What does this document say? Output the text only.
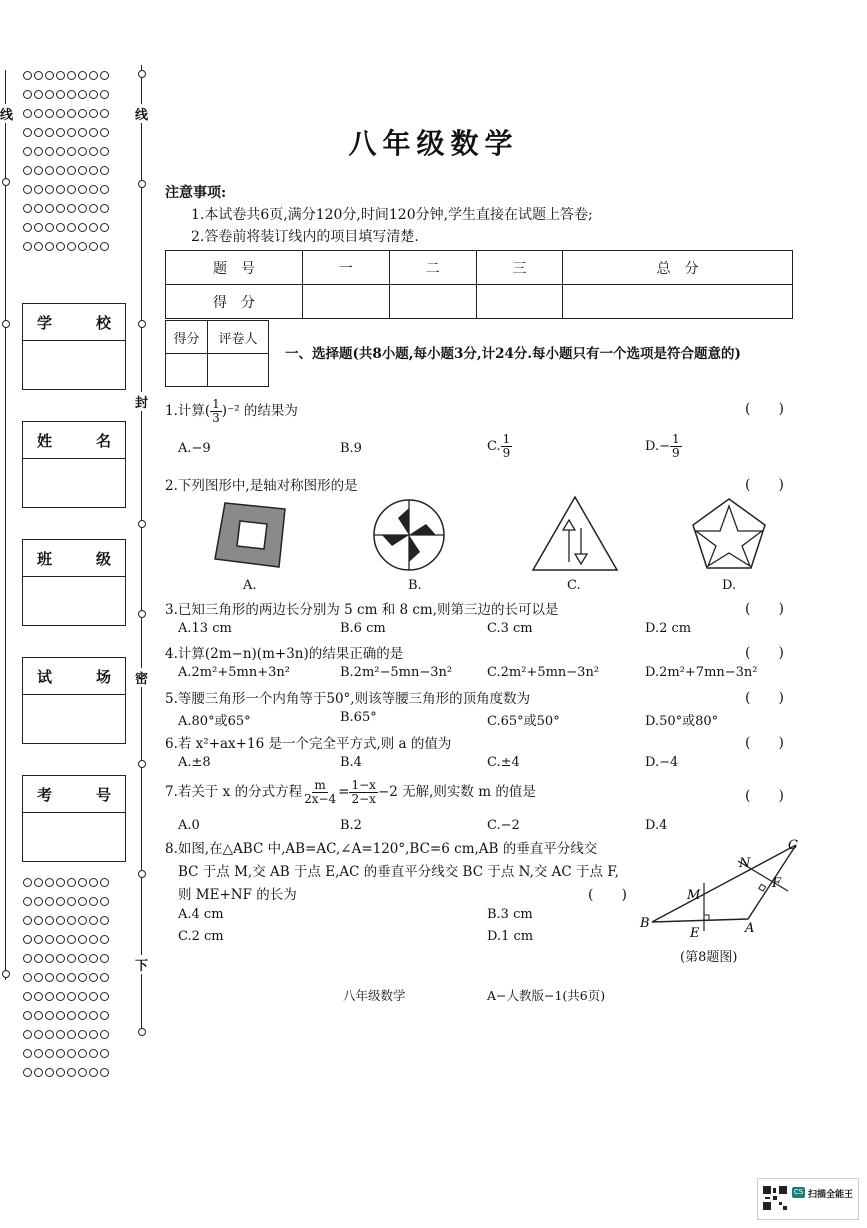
八年级数学
注意事项:
1.本试卷共6页,满分120分,时间120分钟,学生直接在试题上答卷;
2.答卷前将装订线内的项目填写清楚.
题　号	一	二	三	总　分
得　分				
得分	评卷人

一、选择题(共8小题,每小题3分,计24分.每小题只有一个选项是符合题意的)
1.计算( $\frac{1}{3} )^{-2}$ 的结果为	(　　)
A.−9	B.9	C. $\frac{1}{9}$	$D.- \frac{1}{9}$
2.下列图形中,是轴对称图形的是	(　　)
A.	B.	C.	D.
3.已知三角形的两边长分别为 5 cm 和 8 cm,则第三边的长可以是	(　　)
A.13 cm	B.6 cm	C.3 cm	D.2 cm
4.计算(2m−n)(m+3n)的结果正确的是	(　　)
A.2m²+5mn+3n²	B.2m²−5mn−3n²	C.2m²+5mn−3n²	D.2m²+7mn−3n²
5.等腰三角形一个内角等于50°,则该等腰三角形的顶角度数为	(　　)
A.80°或65°	B.65°	C.65°或50°	D.50°或80°
6.若 x²+ax+16 是一个完全平方式,则 a 的值为	(　　)
A.±8	B.4	C.±4	D.−4
7.若关于 x 的分式方程 $\frac{m}{2x-4} = \frac{1-x}{2-x} -2$ 无解,则实数 m 的值是	(　　)
A.0	B.2	C.−2	D.4
8.如图,在△ABC 中,AB=AC,∠A=120°,BC=6 cm,AB 的垂直平分线交
BC 于点 M,交 AB 于点 E,AC 的垂直平分线交 BC 于点 N,交 AC 于点 F,
则 ME+NF 的长为	(　　)
A.4 cm	B.3 cm
C.2 cm	D.1 cm
B
C
A
M
N
E
F
(第8题图)
八年级数学	A−人教版−1(共6页)
线
封
密
下
线

学	校
姓	名
班	级
试	场
考	号
CS 扫描全能王
